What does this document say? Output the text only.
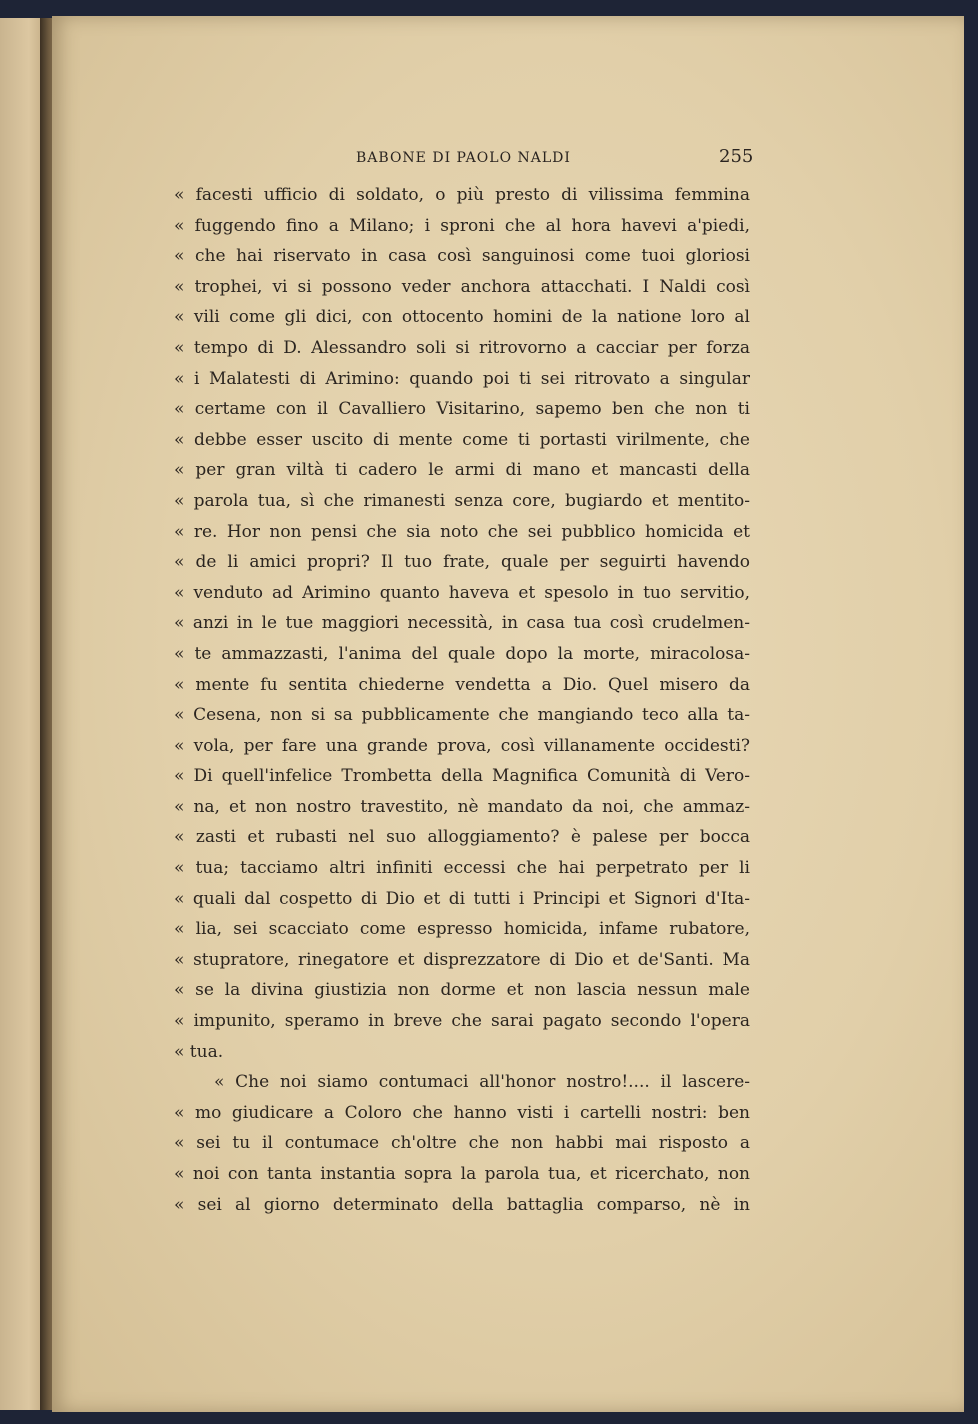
BABONE DI PAOLO NALDI	255
« facesti ufficio di soldato, o più presto di vilissima femmina
« fuggendo fino a Milano; i sproni che al hora havevi a'piedi,
« che hai riservato in casa così sanguinosi come tuoi gloriosi
« trophei, vi si possono veder anchora attacchati. I Naldi così
« vili come gli dici, con ottocento homini de la natione loro al
« tempo di D. Alessandro soli si ritrovorno a cacciar per forza
« i Malatesti di Arimino: quando poi ti sei ritrovato a singular
« certame con il Cavalliero Visitarino, sapemo ben che non ti
« debbe esser uscito di mente come ti portasti virilmente, che
« per gran viltà ti cadero le armi di mano et mancasti della
« parola tua, sì che rimanesti senza core, bugiardo et mentito-
« re. Hor non pensi che sia noto che sei pubblico homicida et
« de li amici propri? Il tuo frate, quale per seguirti havendo
« venduto ad Arimino quanto haveva et spesolo in tuo servitio,
« anzi in le tue maggiori necessità, in casa tua così crudelmen-
« te ammazzasti, l'anima del quale dopo la morte, miracolosa-
« mente fu sentita chiederne vendetta a Dio. Quel misero da
« Cesena, non si sa pubblicamente che mangiando teco alla ta-
« vola, per fare una grande prova, così villanamente occidesti?
« Di quell'infelice Trombetta della Magnifica Comunità di Vero-
« na, et non nostro travestito, nè mandato da noi, che ammaz-
« zasti et rubasti nel suo alloggiamento? è palese per bocca
« tua; tacciamo altri infiniti eccessi che hai perpetrato per li
« quali dal cospetto di Dio et di tutti i Principi et Signori d'Ita-
« lia, sei scacciato come espresso homicida, infame rubatore,
« stupratore, rinegatore et disprezzatore di Dio et de'Santi. Ma
« se la divina giustizia non dorme et non lascia nessun male
« impunito, speramo in breve che sarai pagato secondo l'opera
« tua.
« Che noi siamo contumaci all'honor nostro!.... il lascere-
« mo giudicare a Coloro che hanno visti i cartelli nostri: ben
« sei tu il contumace ch'oltre che non habbi mai risposto a
« noi con tanta instantia sopra la parola tua, et ricerchato, non
« sei al giorno determinato della battaglia comparso, nè in
